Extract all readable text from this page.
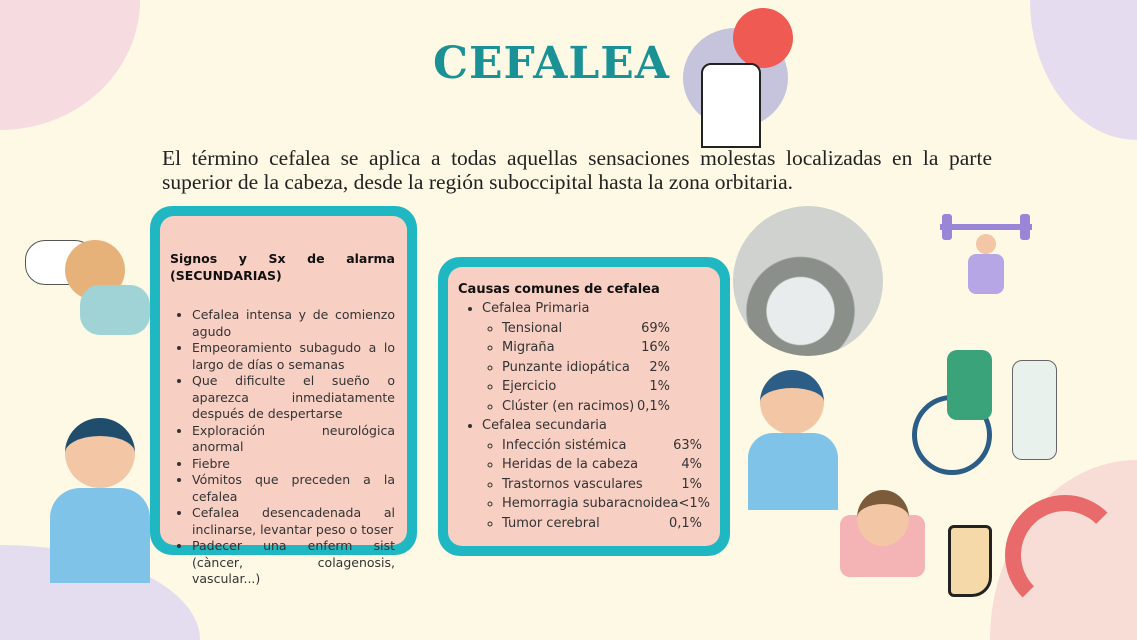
CEFALEA

El término cefalea se aplica a todas aquellas sensaciones molestas localizadas en la parte superior de la cabeza, desde la región suboccipital hasta la zona orbitaria.

Signos y Sx de alarma (SECUNDARIAS)
• Cefalea intensa y de comienzo agudo
• Empeoramiento subagudo a lo largo de días o semanas
• Que dificulte el sueño o aparezca inmediatamente después de despertarse
• Exploración neurológica anormal
• Fiebre
• Vómitos que preceden a la cefalea
• Cefalea desencadenada al inclinarse, levantar peso o toser
• Padecer una enferm sist (càncer, colagenosis, vascular...)
Causas comunes de cefalea
• Cefalea Primaria
◦ Tensional	69%
◦ Migraña	16%
◦ Punzante idiopática 2%
◦ Ejercicio	1%
◦ Clúster (en racimos) 0,1%
• Cefalea secundaria
◦ Infección sistémica	63%
◦ Heridas de la cabeza	4%
◦ Trastornos vasculares	1%
◦ Hemorragia subaracnoidea <1%
◦ Tumor cerebral	0,1%
